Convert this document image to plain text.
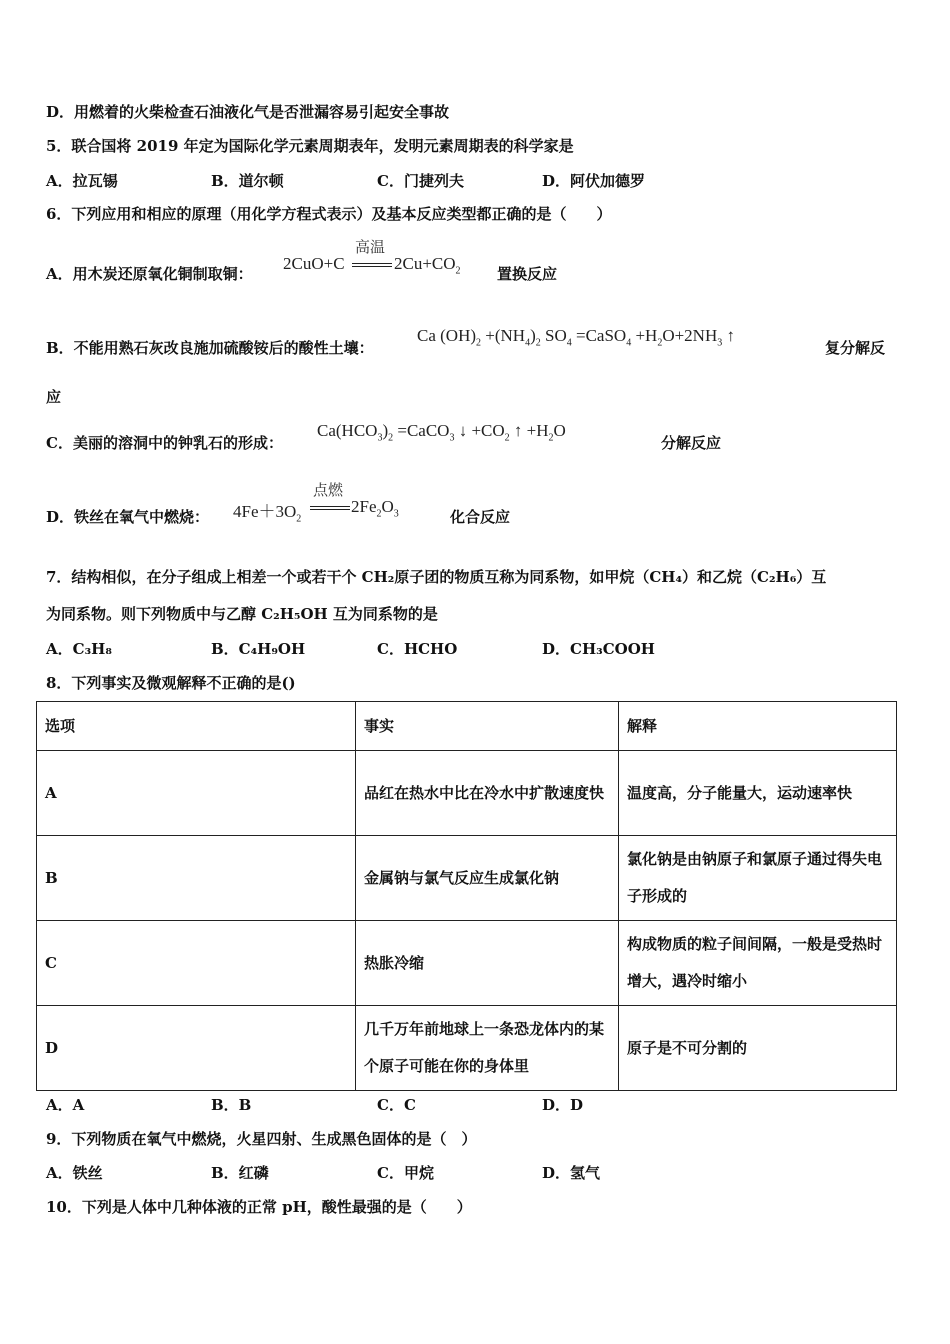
D．用燃着的火柴检查石油液化气是否泄漏容易引起安全事故
5．联合国将 2019 年定为国际化学元素周期表年，发明元素周期表的科学家是
A．拉瓦锡	B．道尔顿	C．门捷列夫	D．阿伏加德罗
6．下列应用和相应的原理（用化学方程式表示）及基本反应类型都正确的是（　　）
A．用木炭还原氧化铜制取铜：
2CuO+C
高温
$2Cu+CO_2$ 置换反应
B．不能用熟石灰改良施加硫酸铵后的酸性土壤：
Ca $(OH)_2 +(NH_4)_2$ $SO_4$ =CaSO$_4$ $+H_2O+2NH_3$ ↑
复分解反
应
C．美丽的溶洞中的钟乳石的形成：
$Ca(HCO_3)_2$ =CaCO$_3$ ↓ $+CO_2$ ↑ $+H_2O$
分解反应
D．铁丝在氧气中燃烧： $4Fe+3O_2$
点燃
$2Fe_2O_3$	化合反应
7．结构相似，在分子组成上相差一个或若干个 CH₂原子团的物质互称为同系物，如甲烷（CH₄）和乙烷（C₂H₆）互
为同系物。则下列物质中与乙醇 C₂H₅OH 互为同系物的是
A．C₃H₈	B．C₄H₉OH	C．HCHO	D．CH₃COOH
8．下列事实及微观解释不正确的是()
选项	事实	解释
A	品红在热水中比在冷水中扩散速度快	温度高，分子能量大，运动速率快
B	金属钠与氯气反应生成氯化钠	氯化钠是由钠原子和氯原子通过得失电子形成的
C	热胀冷缩	构成物质的粒子间间隔，一般是受热时增大，遇冷时缩小
D	几千万年前地球上一条恐龙体内的某个原子可能在你的身体里	原子是不可分割的
A．A	B．B	C．C	D．D
9．下列物质在氧气中燃烧，火星四射、生成黑色固体的是（　）
A．铁丝	B．红磷	C．甲烷	D．氢气
10．下列是人体中几种体液的正常 pH，酸性最强的是（　　）
